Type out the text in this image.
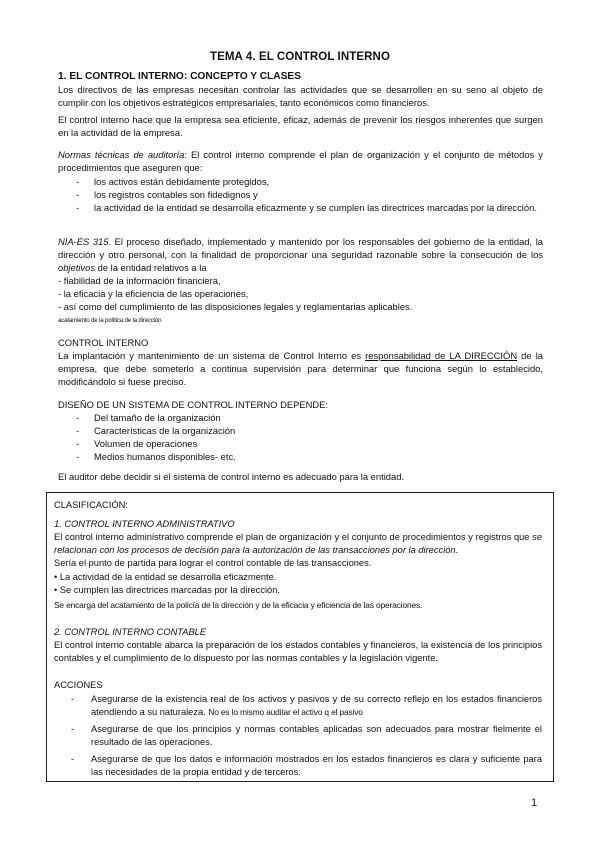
TEMA 4. EL CONTROL INTERNO
1. EL CONTROL INTERNO: CONCEPTO Y CLASES
Los directivos de las empresas necesitan controlar las actividades que se desarrollen en su seno al objeto de cumplir con los objetivos estratégicos empresariales, tanto económicos como financieros.
El control interno hace que la empresa sea eficiente, eficaz, además de prevenir los riesgos inherentes que surgen en la actividad de la empresa.
Normas técnicas de auditoría: El control interno comprende el plan de organización y el conjunto de métodos y procedimientos que aseguren que:
- los activos están debidamente protegidos,
- los registros contables son fidedignos y
- la actividad de la entidad se desarrolla eficazmente y se cumplen las directrices marcadas por la dirección.
NIA-ES 315. El proceso diseñado, implementado y mantenido por los responsables del gobierno de la entidad, la dirección y otro personal, con la finalidad de proporcionar una seguridad razonable sobre la consecución de los objetivos de la entidad relativos a la
- fiabilidad de la información financiera,
- la eficacia y la eficiencia de las operaciones,
- así como del cumplimiento de las disposiciones legales y reglamentarias aplicables.
acatamiento de la política de la dirección
CONTROL INTERNO
La implantación y mantenimiento de un sistema de Control Interno es responsabilidad de LA DIRECCIÓN de la empresa, que debe someterlo a continua supervisión para determinar que funciona según lo establecido, modificándolo si fuese preciso.
DISEÑO DE UN SISTEMA DE CONTROL INTERNO DEPENDE:
- Del tamaño de la organización
- Características de la organización
- Volumen de operaciones
- Medios humanos disponibles- etc.
El auditor debe decidir si el sistema de control interno es adecuado para la entidad.
CLASIFICACIÓN:
1. CONTROL INTERNO ADMINISTRATIVO
El control interno administrativo comprende el plan de organización y el conjunto de procedimientos y registros que se relacionan con los procesos de decisión para la autorización de las transacciones por la dirección.
Sería el punto de partida para lograr el control contable de las transacciones.
• La actividad de la entidad se desarrolla eficazmente.
• Se cumplen las directrices marcadas por la dirección.
Se encarga del acatamiento de la policía de la dirección y de la eficacia y eficiencia de las operaciones.
2. CONTROL INTERNO CONTABLE
El control interno contable abarca la preparación de los estados contables y financieros, la existencia de los principios contables y el cumplimiento de lo dispuesto por las normas contables y la legislación vigente.
ACCIONES
- Asegurarse de la existencia real de los activos y pasivos y de su correcto reflejo en los estados financieros atendiendo a su naturaleza. No es lo mismo auditar el activo q el pasivo
- Asegurarse de que los principios y normas contables aplicadas son adecuados para mostrar fielmente el resultado de las operaciones.
- Asegurarse de que los datos e información mostrados en los estados financieros es clara y suficiente para las necesidades de la propia entidad y de terceros.
1
